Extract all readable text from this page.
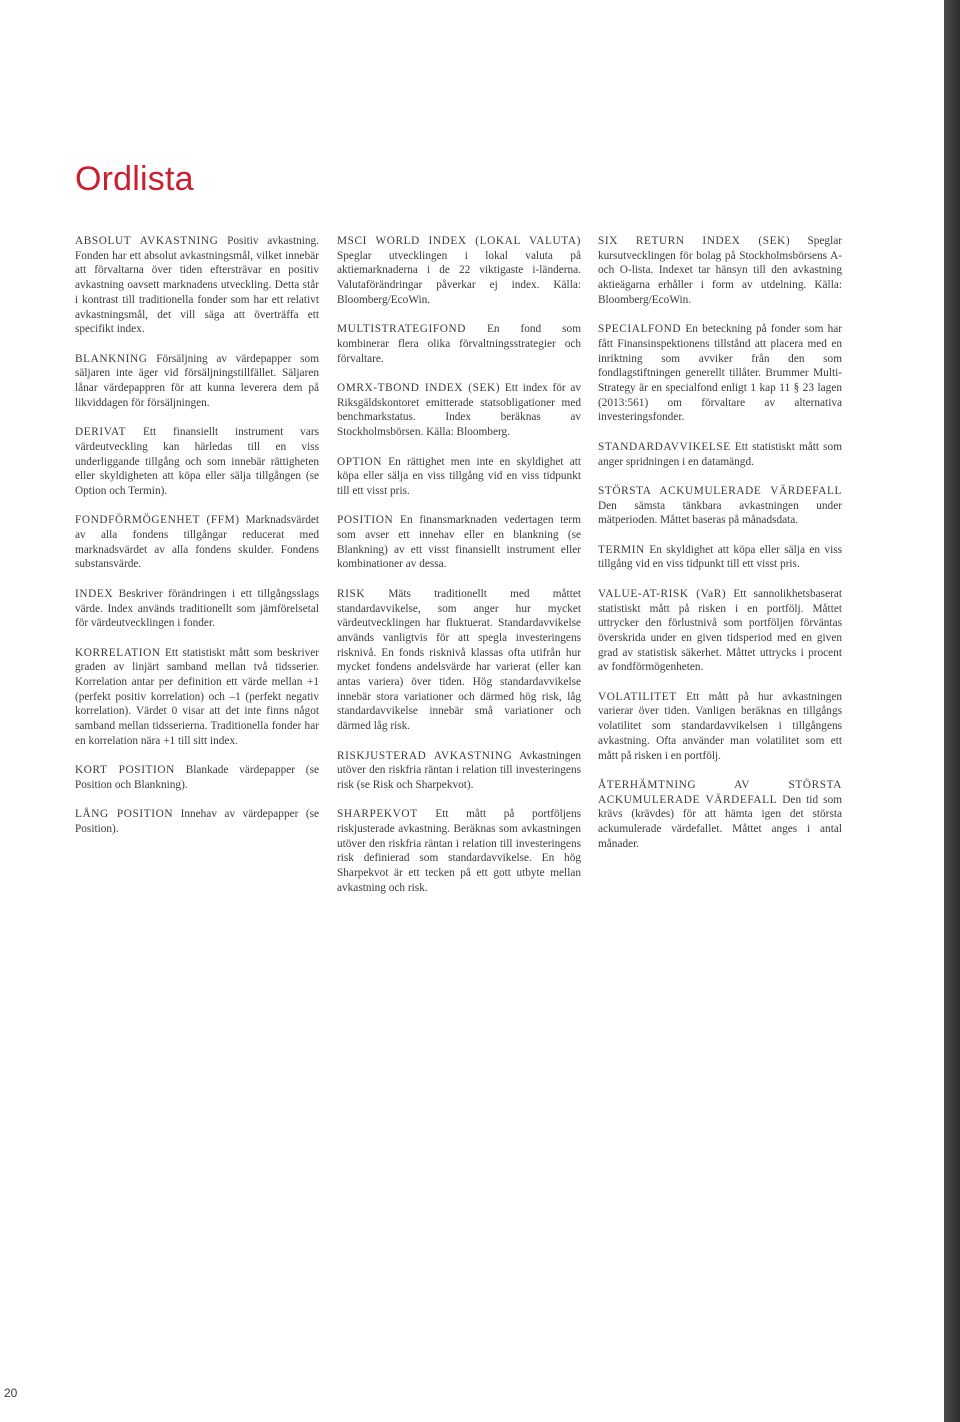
Ordlista

ABSOLUT AVKASTNING Positiv avkastning. Fonden har ett absolut avkastningsmål, vilket innebär att förvaltarna över tiden eftersträvar en positiv avkastning oavsett marknadens utveckling. Detta står i kontrast till traditionella fonder som har ett relativt avkastningsmål, det vill säga att överträffa ett specifikt index.

BLANKNING Försäljning av värdepapper som säljaren inte äger vid försäljningstillfället. Säljaren lånar värdepappren för att kunna leverera dem på likviddagen för försäljningen.

DERIVAT Ett finansiellt instrument vars värdeutveckling kan härledas till en viss underliggande tillgång och som innebär rättigheten eller skyldigheten att köpa eller sälja tillgången (se Option och Termin).

FONDFÖRMÖGENHET (FFM) Marknadsvärdet av alla fondens tillgångar reducerat med marknadsvärdet av alla fondens skulder. Fondens substansvärde.

INDEX Beskriver förändringen i ett tillgångsslags värde. Index används traditionellt som jämförelsetal för värdeutvecklingen i fonder.

KORRELATION Ett statistiskt mått som beskriver graden av linjärt samband mellan två tidsserier. Korrelation antar per definition ett värde mellan +1 (perfekt positiv korrelation) och –1 (perfekt negativ korrelation). Värdet 0 visar att det inte finns något samband mellan tidsserierna. Traditionella fonder har en korrelation nära +1 till sitt index.

KORT POSITION Blankade värdepapper (se Position och Blankning).

LÅNG POSITION Innehav av värdepapper (se Position).

MSCI WORLD INDEX (LOKAL VALUTA) Speglar utvecklingen i lokal valuta på aktiemarknaderna i de 22 viktigaste i-länderna. Valutaförändringar påverkar ej index. Källa: Bloomberg/EcoWin.

MULTISTRATEGIFOND En fond som kombinerar flera olika förvaltningsstrategier och förvaltare.

OMRX-TBOND INDEX (SEK) Ett index för av Riksgäldskontoret emitterade statsobligationer med benchmarkstatus. Index beräknas av Stockholmsbörsen. Källa: Bloomberg.

OPTION En rättighet men inte en skyldighet att köpa eller sälja en viss tillgång vid en viss tidpunkt till ett visst pris.

POSITION En finansmarknaden vedertagen term som avser ett innehav eller en blankning (se Blankning) av ett visst finansiellt instrument eller kombinationer av dessa.

RISK Mäts traditionellt med måttet standardavvikelse, som anger hur mycket värdeutvecklingen har fluktuerat. Standardavvikelse används vanligtvis för att spegla investeringens risknivå. En fonds risknivå klassas ofta utifrån hur mycket fondens andelsvärde har varierat (eller kan antas variera) över tiden. Hög standardavvikelse innebär stora variationer och därmed hög risk, låg standardavvikelse innebär små variationer och därmed låg risk.

RISKJUSTERAD AVKASTNING Avkastningen utöver den riskfria räntan i relation till investeringens risk (se Risk och Sharpekvot).

SHARPEKVOT Ett mått på portföljens riskjusterade avkastning. Beräknas som avkastningen utöver den riskfria räntan i relation till investeringens risk definierad som standardavvikelse. En hög Sharpekvot är ett tecken på ett gott utbyte mellan avkastning och risk.

SIX RETURN INDEX (SEK) Speglar kursutvecklingen för bolag på Stockholmsbörsens A- och O-lista. Indexet tar hänsyn till den avkastning aktieägarna erhåller i form av utdelning. Källa: Bloomberg/EcoWin.

SPECIALFOND En beteckning på fonder som har fått Finansinspektionens tillstånd att placera med en inriktning som avviker från den som fondlagstiftningen generellt tillåter. Brummer Multi-Strategy är en specialfond enligt 1 kap 11 § 23 lagen (2013:561) om förvaltare av alternativa investeringsfonder.

STANDARDAVVIKELSE Ett statistiskt mått som anger spridningen i en datamängd.

STÖRSTA ACKUMULERADE VÄRDEFALL Den sämsta tänkbara avkastningen under mätperioden. Måttet baseras på månadsdata.

TERMIN En skyldighet att köpa eller sälja en viss tillgång vid en viss tidpunkt till ett visst pris.

VALUE-AT-RISK (VaR) Ett sannolikhetsbaserat statistiskt mått på risken i en portfölj. Måttet uttrycker den förlustnivå som portföljen förväntas överskrida under en given tidsperiod med en given grad av statistisk säkerhet. Måttet uttrycks i procent av fondförmögenheten.

VOLATILITET Ett mått på hur avkastningen varierar över tiden. Vanligen beräknas en tillgångs volatilitet som standardavvikelsen i tillgångens avkastning. Ofta använder man volatilitet som ett mått på risken i en portfölj.

ÅTERHÄMTNING AV STÖRSTA ACKUMULERADE VÄRDEFALL Den tid som krävs (krävdes) för att hämta igen det största ackumulerade värdefallet. Måttet anges i antal månader.

20
